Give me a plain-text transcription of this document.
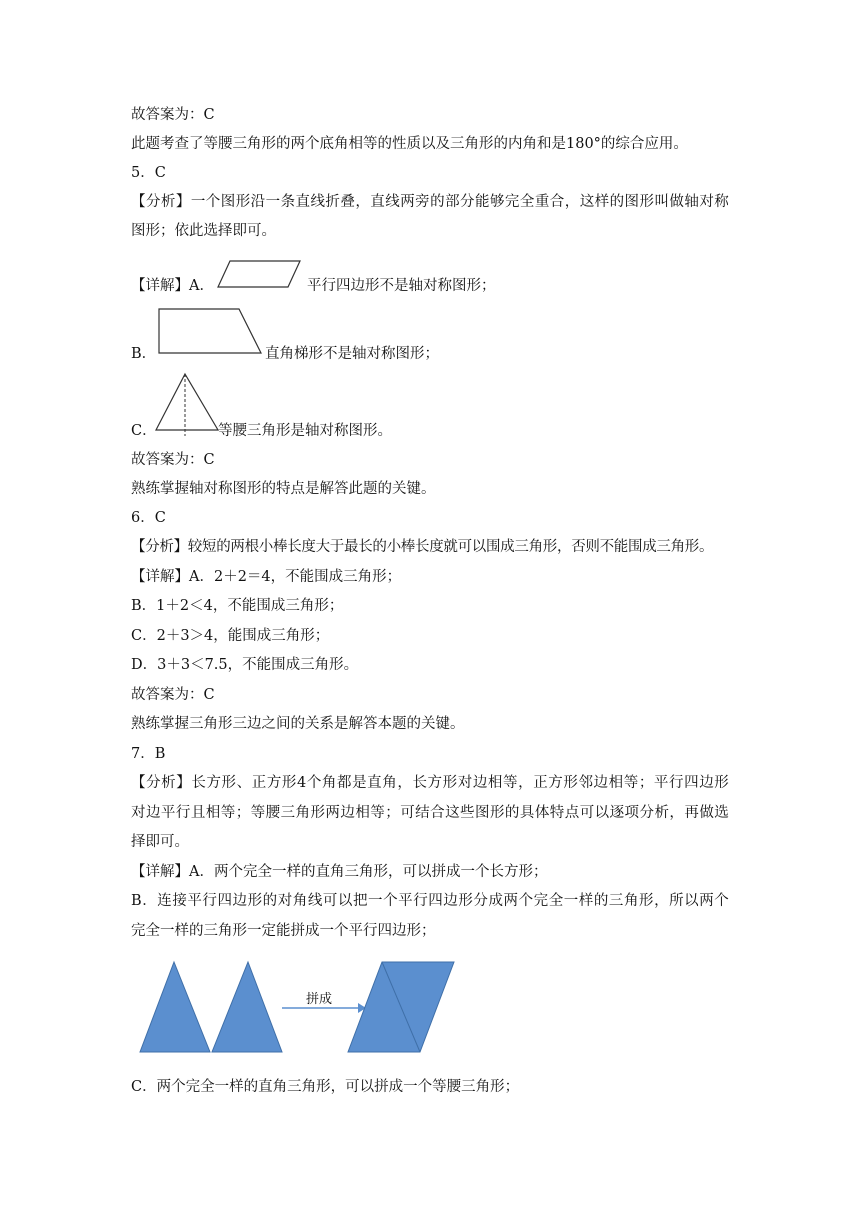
故答案为：C
此题考查了等腰三角形的两个底角相等的性质以及三角形的内角和是180°的综合应用。
5．C
【分析】一个图形沿一条直线折叠，直线两旁的部分能够完全重合，这样的图形叫做轴对称
图形；依此选择即可。
【详解】A．	平行四边形不是轴对称图形；
B．	直角梯形不是轴对称图形；
C．	等腰三角形是轴对称图形。
故答案为：C
熟练掌握轴对称图形的特点是解答此题的关键。
6．C
【分析】较短的两根小棒长度大于最长的小棒长度就可以围成三角形，否则不能围成三角形。
【详解】A．2＋2＝4，不能围成三角形；
B．1＋2＜4，不能围成三角形；
C．2＋3＞4，能围成三角形；
D．3＋3＜7.5，不能围成三角形。
故答案为：C
熟练掌握三角形三边之间的关系是解答本题的关键。
7．B
【分析】长方形、正方形4个角都是直角，长方形对边相等，正方形邻边相等；平行四边形
对边平行且相等；等腰三角形两边相等；可结合这些图形的具体特点可以逐项分析，再做选
择即可。
【详解】A．两个完全一样的直角三角形，可以拼成一个长方形；
B．连接平行四边形的对角线可以把一个平行四边形分成两个完全一样的三角形，所以两个
完全一样的三角形一定能拼成一个平行四边形；
拼成
C．两个完全一样的直角三角形，可以拼成一个等腰三角形；
